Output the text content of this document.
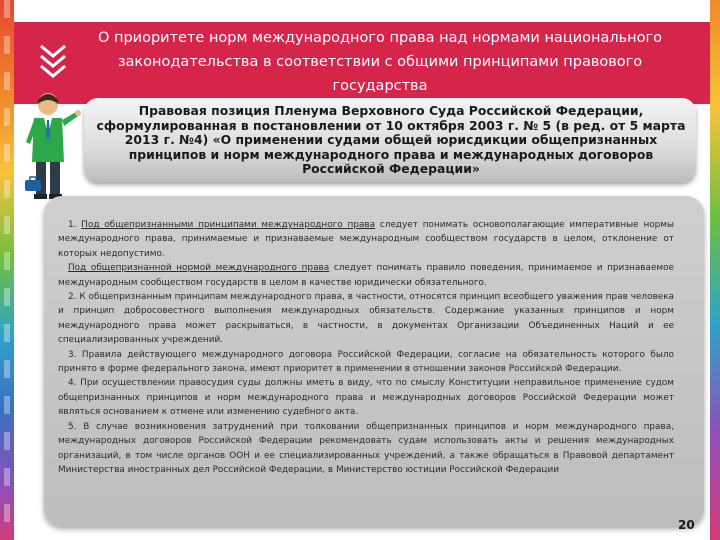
О приоритете норм международного права над нормами национального законодательства в соответствии с общими принципами правового государства
Правовая позиция Пленума Верховного Суда Российской Федерации, сформулированная в постановлении от 10 октября 2003 г. № 5 (в ред. от 5 марта 2013 г. №4) «О применении судами общей юрисдикции общепризнанных принципов и норм международного права и международных договоров Российской Федерации»

1. Под общепризнанными принципами международного права следует понимать основополагающие императивные нормы международного права, принимаемые и признаваемые международным сообществом государств в целом, отклонение от которых недопустимо.

Под общепризнанной нормой международного права следует понимать правило поведения, принимаемое и признаваемое международным сообществом государств в целом в качестве юридически обязательного.

2. К общепризнанным принципам международного права, в частности, относятся принцип всеобщего уважения прав человека и принцип добросовестного выполнения международных обязательств. Содержание указанных принципов и норм международного права может раскрываться, в частности, в документах Организации Объединенных Наций и ее специализированных учреждений.

3. Правила действующего международного договора Российской Федерации, согласие на обязательность которого было принято в форме федерального закона, имеют приоритет в применении в отношении законов Российской Федерации.

4. При осуществлении правосудия суды должны иметь в виду, что по смыслу Конституции неправильное применение судом общепризнанных принципов и норм международного права и международных договоров Российской Федерации может являться основанием к отмене или изменению судебного акта.

5. В случае возникновения затруднений при толковании общепризнанных принципов и норм международного права, международных договоров Российской Федерации рекомендовать судам использовать акты и решения международных организаций, в том числе органов ООН и ее специализированных учреждений, а также обращаться в Правовой департамент Министерства иностранных дел Российской Федерации, в Министерство юстиции Российской Федерации

20
